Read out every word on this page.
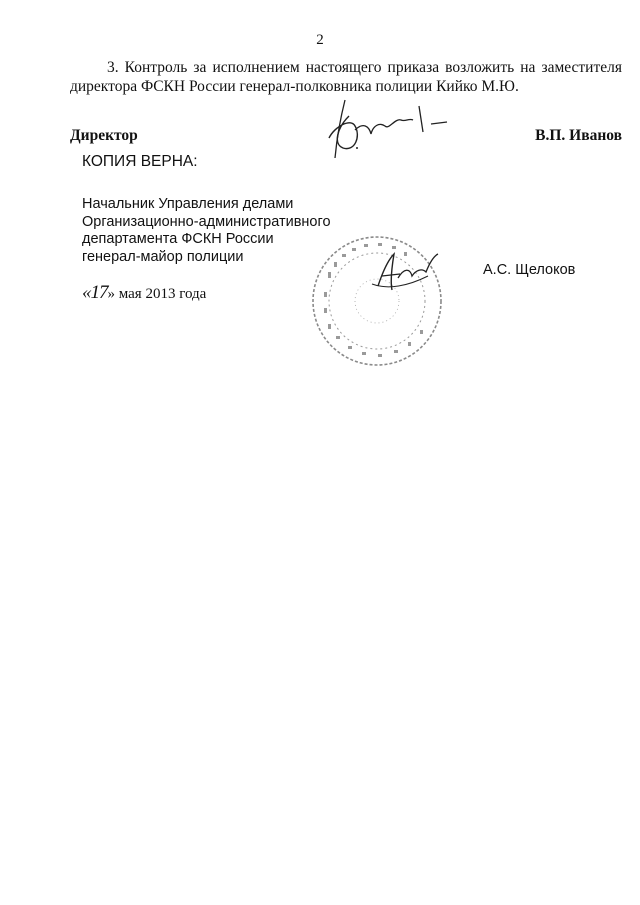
2
3. Контроль за исполнением настоящего приказа возложить на заместителя директора ФСКН России генерал-полковника полиции Кийко М.Ю.
Директор	В.П. Иванов
КОПИЯ ВЕРНА:
Начальник Управления делами
Организационно-административного
департамента ФСКН России
генерал-майор полиции
А.С. Щелоков
«17» мая 2013 года
